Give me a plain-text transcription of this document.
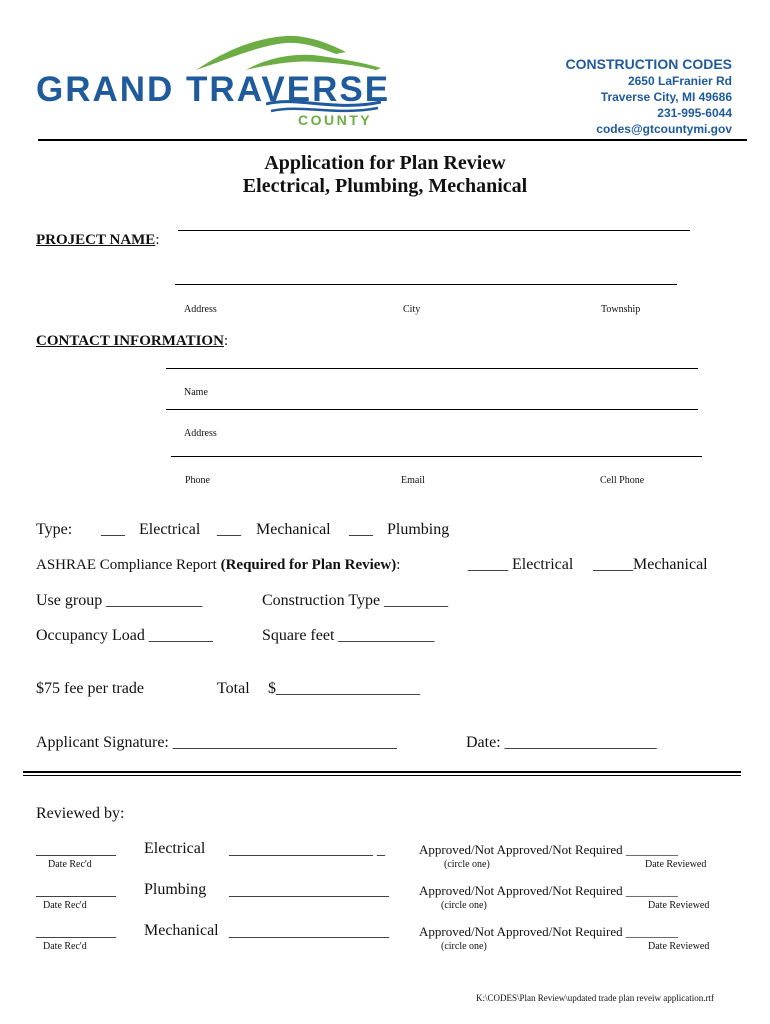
GRAND TRAVERSE
COUNTY
CONSTRUCTION CODES
2650 LaFranier Rd
Traverse City, MI 49686
231-995-6044
codes@gtcountymi.gov
Application for Plan Review
Electrical, Plumbing, Mechanical
PROJECT NAME:
Address	City	Township
CONTACT INFORMATION:
Name
Address
Phone	Email	Cell Phone
Type: ___ Electrical ___ Mechanical ___ Plumbing
ASHRAE Compliance Report (Required for Plan Review):	_____ Electrical _____Mechanical
Use group ____________	Construction Type ________
Occupancy Load ________	Square feet ____________
$75 fee per trade	Total $__________________
Applicant Signature: ____________________________	Date: ___________________
Reviewed by:
__________
Date Rec'd
Electrical __________________ _	Approved/Not Approved/Not Required ________
(circle one)	Date Reviewed
__________
Date Rec'd
Plumbing ____________________ Approved/Not Approved/Not Required ________
(circle one)	Date Reviewed
__________
Date Rec'd
Mechanical ____________________ Approved/Not Approved/Not Required ________
(circle one)	Date Reviewed
K:\CODES\Plan Review\updated trade plan reveiw application.rtf
